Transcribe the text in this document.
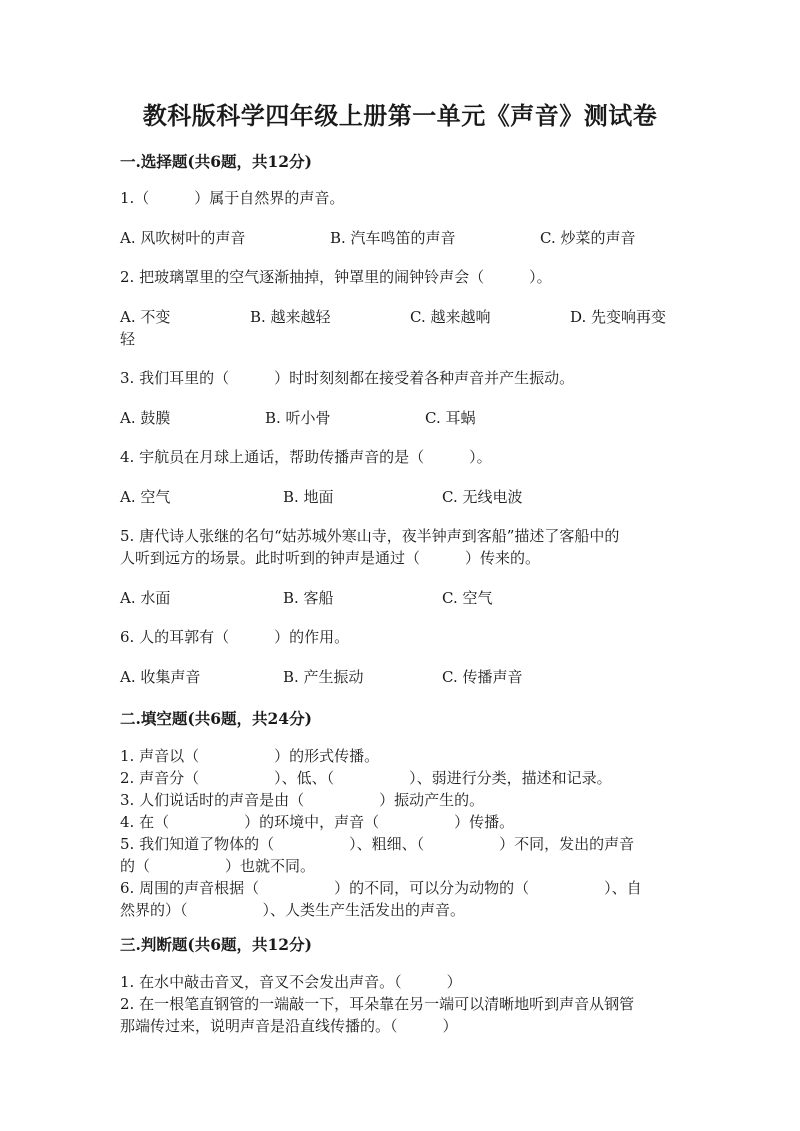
教科版科学四年级上册第一单元《声音》测试卷
一.选择题(共6题，共12分)
1.（　　　）属于自然界的声音。
A. 风吹树叶的声音	B. 汽车鸣笛的声音	C. 炒菜的声音
2. 把玻璃罩里的空气逐渐抽掉，钟罩里的闹钟铃声会（　　　）。
A. 不变	B. 越来越轻	C. 越来越响	D. 先变响再变
轻
3. 我们耳里的（　　　）时时刻刻都在接受着各种声音并产生振动。
A. 鼓膜	B. 听小骨	C. 耳蜗
4. 宇航员在月球上通话，帮助传播声音的是（　　　）。
A. 空气	B. 地面	C. 无线电波
5. 唐代诗人张继的名句“姑苏城外寒山寺，夜半钟声到客船”描述了客船中的
人听到远方的场景。此时听到的钟声是通过（　　　）传来的。
A. 水面	B. 客船	C. 空气
6. 人的耳郭有（　　　）的作用。
A. 收集声音	B. 产生振动	C. 传播声音
二.填空题(共6题，共24分)
1. 声音以（　　　　　）的形式传播。
2. 声音分（　　　　　）、低、（　　　　　）、弱进行分类，描述和记录。
3. 人们说话时的声音是由（　　　　　）振动产生的。
4. 在（　　　　　）的环境中，声音（　　　　　）传播。
5. 我们知道了物体的（　　　　　）、粗细、（　　　　　）不同，发出的声音
的（　　　　　）也就不同。
6. 周围的声音根据（　　　　　）的不同，可以分为动物的（　　　　　）、自
然界的）（　　　　　）、人类生产生活发出的声音。
三.判断题(共6题，共12分)
1. 在水中敲击音叉，音叉不会发出声音。（　　　）
2. 在一根笔直钢管的一端敲一下，耳朵靠在另一端可以清晰地听到声音从钢管
那端传过来，说明声音是沿直线传播的。（　　　）
